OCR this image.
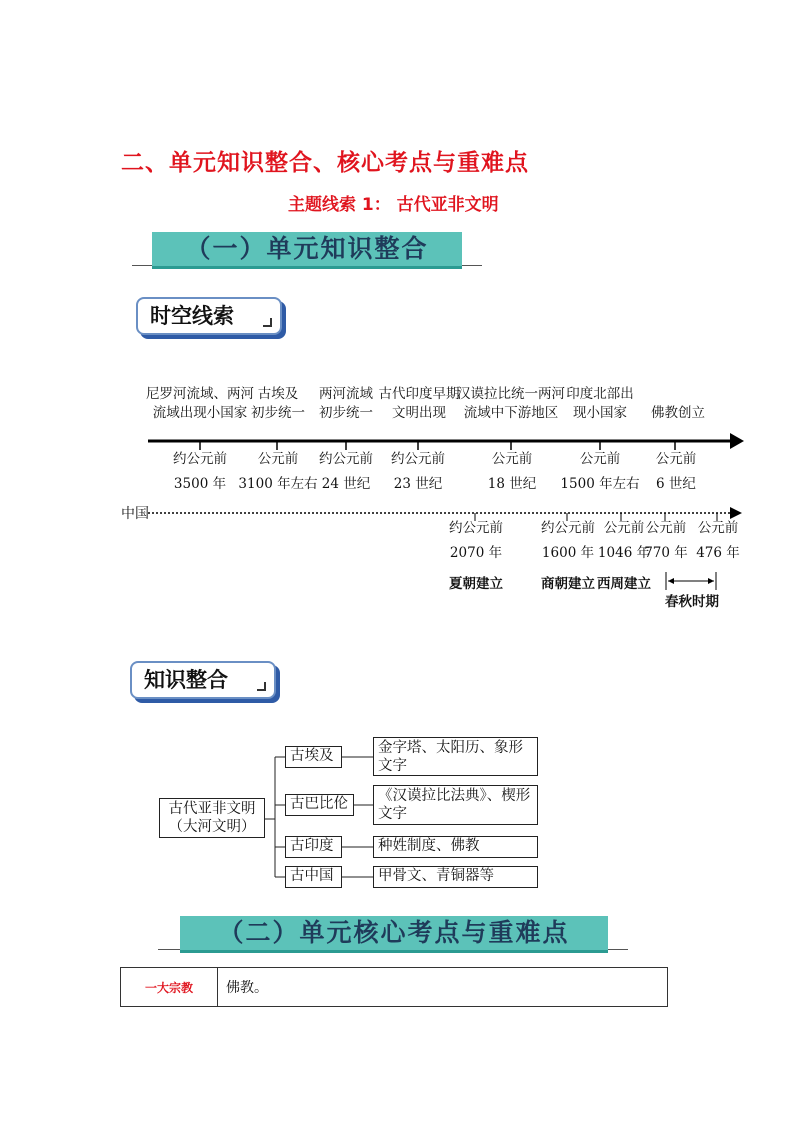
二、单元知识整合、核心考点与重难点
主题线索 1： 古代亚非文明
（一）单元知识整合
时空线索
尼罗河流域、两河
流域出现小国家
古埃及
初步统一
两河流域
初步统一
古代印度早期
文明出现
汉谟拉比统一两河
流域中下游地区
印度北部出
现小国家	佛教创立
约公元前
3500 年
公元前
3100 年左右
约公元前
24 世纪
约公元前
23 世纪
公元前
18 世纪
公元前
1500 年左右
公元前
6 世纪
中国
约公元前
2070 年
约公元前
1600 年
公元前
1046 年
公元前
770 年
公元前
476 年
夏朝建立	商朝建立 西周建立
春秋时期
知识整合
古代亚非文明
（大河文明）
古埃及
古巴比伦
古印度
古中国
金字塔、太阳历、象形
文字
《汉谟拉比法典》、楔形
文字
种姓制度、佛教
甲骨文、青铜器等
（二）单元核心考点与重难点
一大宗教	佛教。
